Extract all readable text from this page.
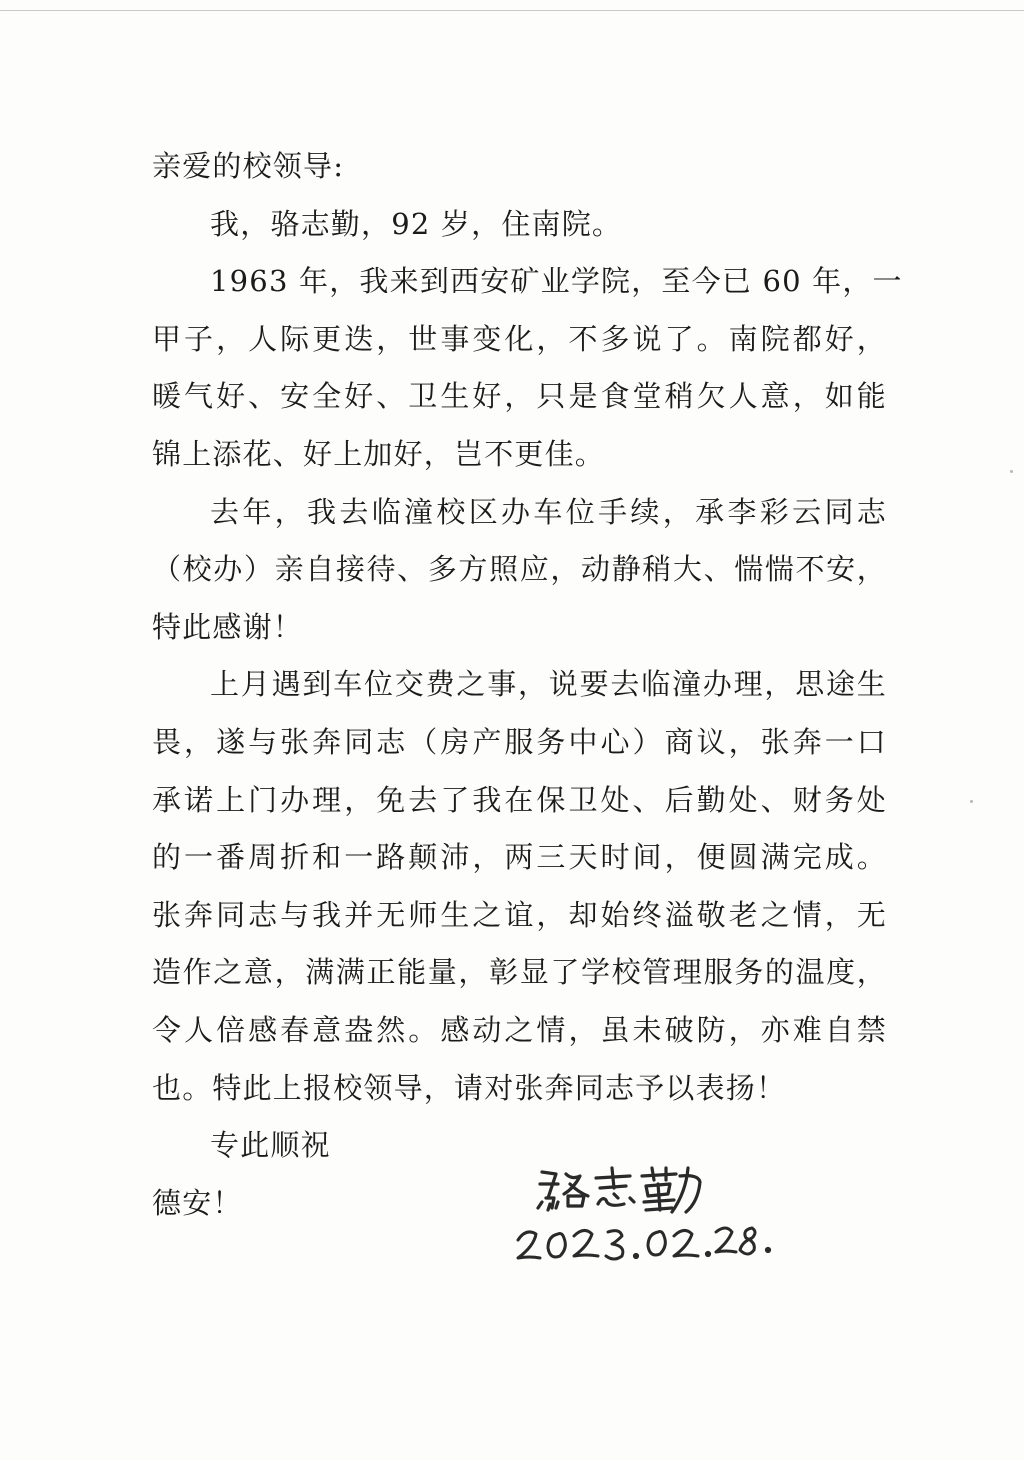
亲爱的校领导:
我，骆志勤，92 岁，住南院。
1963 年，我来到西安矿业学院，至今已 60 年，一
甲子，人际更迭，世事变化，不多说了。南院都好，
暖气好、安全好、卫生好，只是食堂稍欠人意，如能
锦上添花、好上加好，岂不更佳。
去年，我去临潼校区办车位手续，承李彩云同志
（校办）亲自接待、多方照应，动静稍大、惴惴不安，
特此感谢！
上月遇到车位交费之事，说要去临潼办理，思途生
畏，遂与张奔同志（房产服务中心）商议，张奔一口
承诺上门办理，免去了我在保卫处、后勤处、财务处
的一番周折和一路颠沛，两三天时间，便圆满完成。
张奔同志与我并无师生之谊，却始终溢敬老之情，无
造作之意，满满正能量，彰显了学校管理服务的温度，
令人倍感春意盎然。感动之情，虽未破防，亦难自禁
也。特此上报校领导，请对张奔同志予以表扬！
专此顺祝
德安！
